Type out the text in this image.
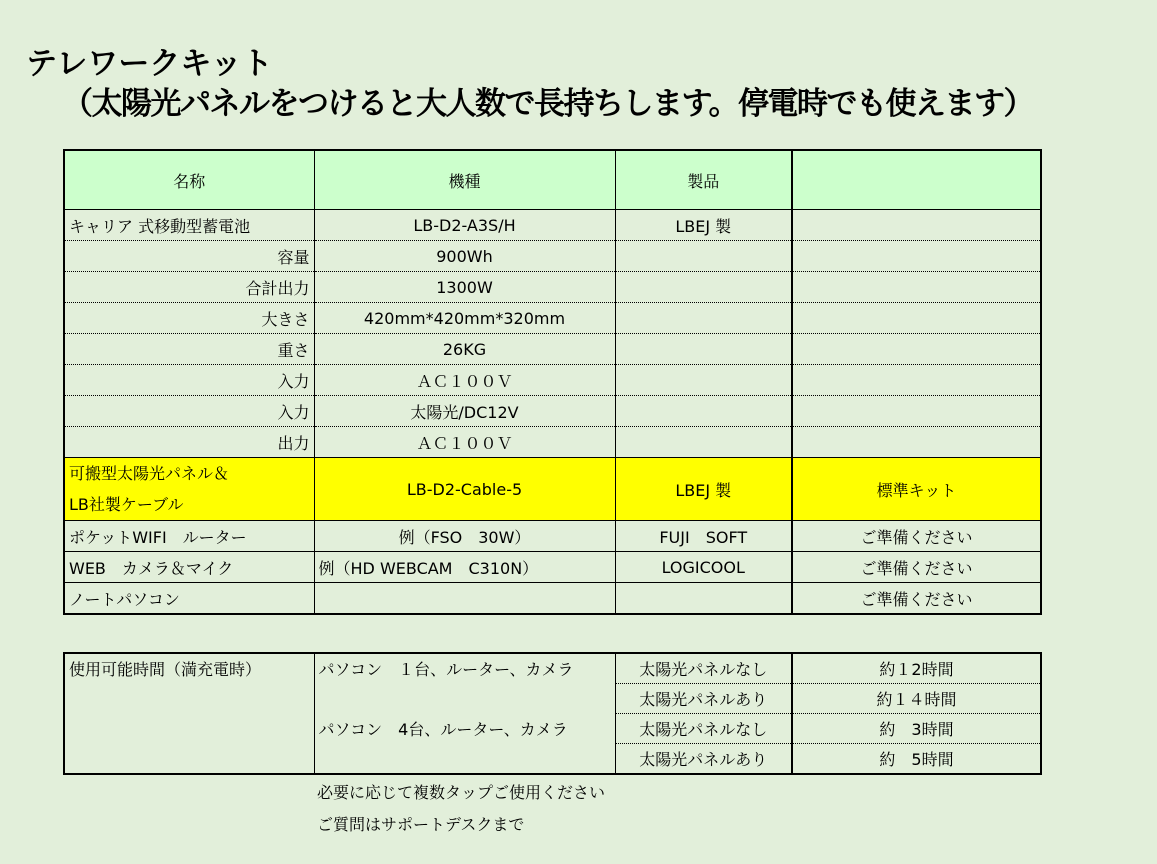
テレワークキット
（太陽光パネルをつけると大人数で長持ちします。停電時でも使えます）
名称	機種	製品	
キャリア 式移動型蓄電池	LB-D2-A3S/H	LBEJ 製	
容量	900Wh		
合計出力	1300W		
大きさ	420mm*420mm*320mm		
重さ	26KG		
入力	ＡＣ１００Ｖ		
入力	太陽光/DC12V		
出力	ＡＣ１００Ｖ		
可搬型太陽光パネル＆
LB社製ケーブル	LB-D2-Cable-5	LBEJ 製	標準キット
ポケットWIFI　ルーター	例（FSO　30W）	FUJI　SOFT	ご準備ください
WEB　カメラ＆マイク	例（HD WEBCAM　C310N）	LOGICOOL	ご準備ください
ノートパソコン			ご準備ください
使用可能時間（満充電時）	パソコン　１台、ルーター、カメラ	太陽光パネルなし	約１2時間
		太陽光パネルあり	約１４時間
	パソコン　4台、ルーター、カメラ	太陽光パネルなし	約　3時間
		太陽光パネルあり	約　5時間
必要に応じて複数タップご使用ください
ご質問はサポートデスクまで
